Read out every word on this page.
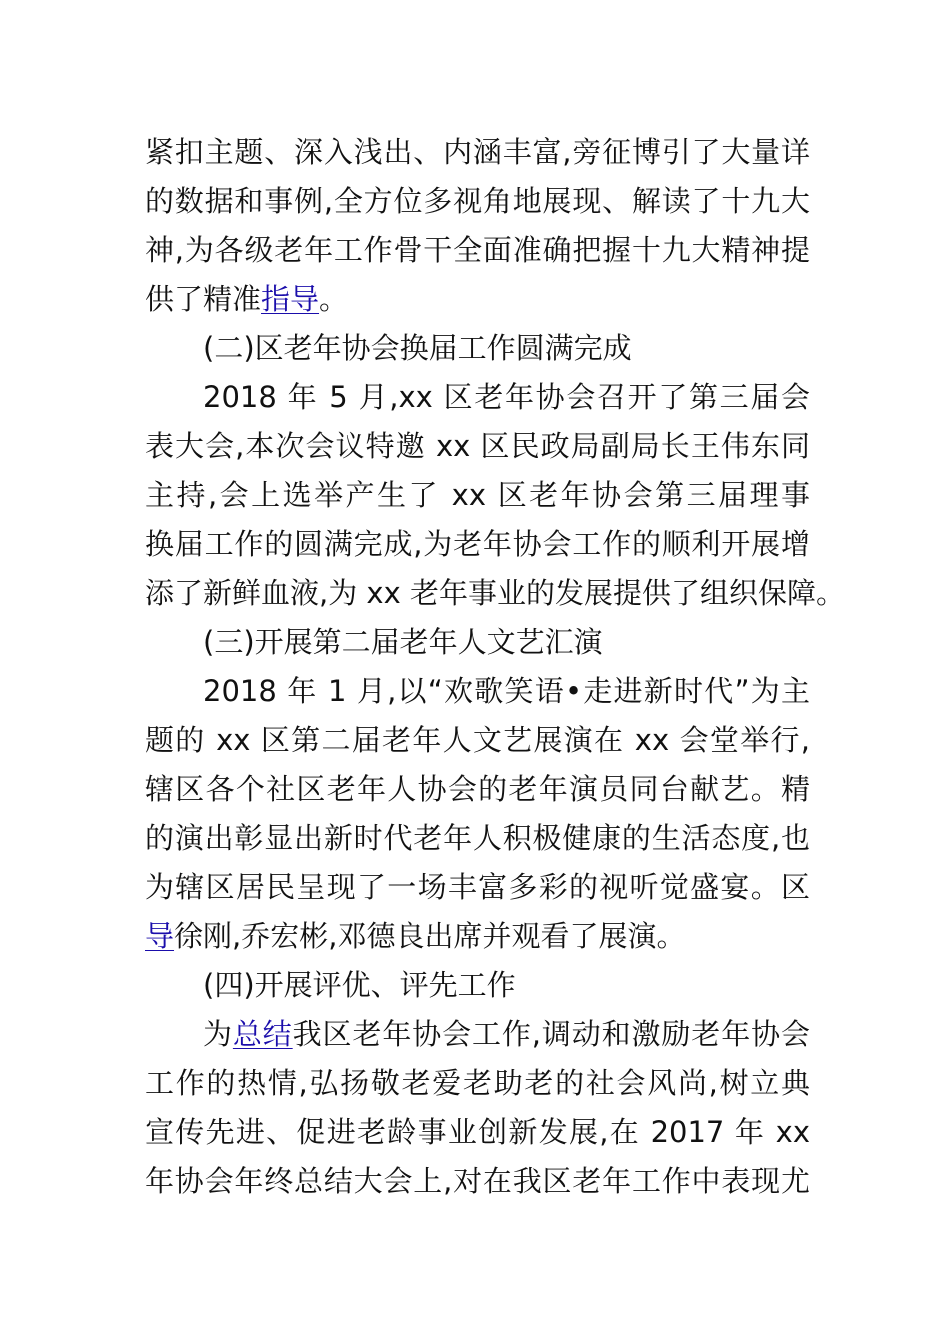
紧扣主题、深入浅出、内涵丰富,旁征博引了大量详
的数据和事例,全方位多视角地展现、解读了十九大
神,为各级老年工作骨干全面准确把握十九大精神提
供了精准指导。
(二)区老年协会换届工作圆满完成
2018 年 5 月,xx 区老年协会召开了第三届会
表大会,本次会议特邀 xx 区民政局副局长王伟东同
主持,会上选举产生了 xx 区老年协会第三届理事
换届工作的圆满完成,为老年协会工作的顺利开展增
添了新鲜血液,为 xx 老年事业的发展提供了组织保障。
(三)开展第二届老年人文艺汇演
2018 年 1 月,以“欢歌笑语•走进新时代”为主
题的 xx 区第二届老年人文艺展演在 xx 会堂举行,
辖区各个社区老年人协会的老年演员同台献艺。精
的演出彰显出新时代老年人积极健康的生活态度,也
为辖区居民呈现了一场丰富多彩的视听觉盛宴。区
导徐刚,乔宏彬,邓德良出席并观看了展演。
(四)开展评优、评先工作
为总结我区老年协会工作,调动和激励老年协会
工作的热情,弘扬敬老爱老助老的社会风尚,树立典
宣传先进、促进老龄事业创新发展,在 2017 年 xx
年协会年终总结大会上,对在我区老年工作中表现尤
